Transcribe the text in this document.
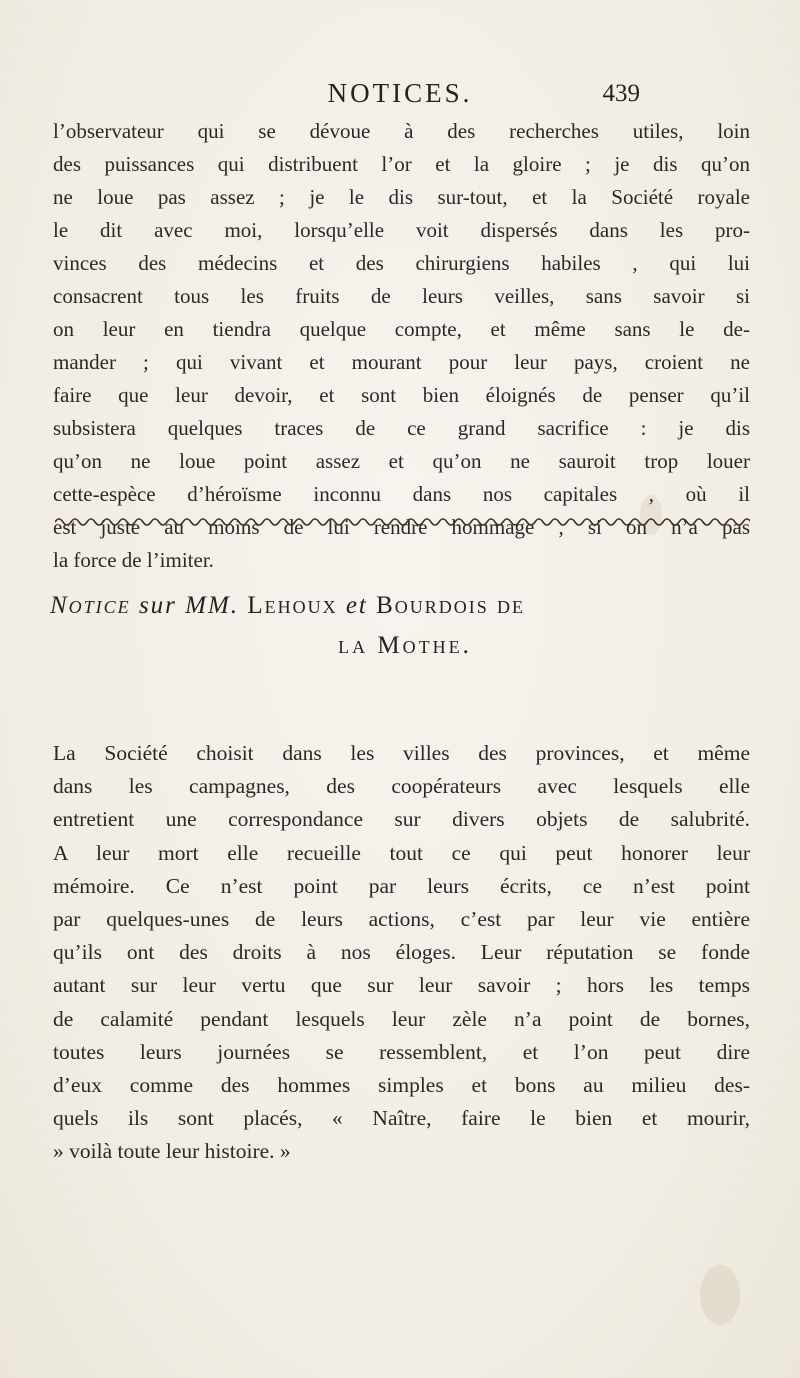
NOTICES.	439
l’observateur qui se dévoue à des recherches utiles, loin
des puissances qui distribuent l’or et la gloire ; je dis qu’on
ne loue pas assez ; je le dis sur-tout, et la Société royale
le dit avec moi, lorsqu’elle voit dispersés dans les pro-
vinces des médecins et des chirurgiens habiles , qui lui
consacrent tous les fruits de leurs veilles, sans savoir si
on leur en tiendra quelque compte, et même sans le de-
mander ; qui vivant et mourant pour leur pays, croient ne
faire que leur devoir, et sont bien éloignés de penser qu’il
subsistera quelques traces de ce grand sacrifice : je dis
qu’on ne loue point assez et qu’on ne sauroit trop louer
cette-espèce d’héroïsme inconnu dans nos capitales , où il
est juste au moins de lui rendre hommage , si on n’a pas
la force de l’imiter.
Notice sur MM. Lehoux et Bourdois de
la Mothe.
La Société choisit dans les villes des provinces, et même
dans les campagnes, des coopérateurs avec lesquels elle
entretient une correspondance sur divers objets de salubrité.
A leur mort elle recueille tout ce qui peut honorer leur
mémoire. Ce n’est point par leurs écrits, ce n’est point
par quelques-unes de leurs actions, c’est par leur vie entière
qu’ils ont des droits à nos éloges. Leur réputation se fonde
autant sur leur vertu que sur leur savoir ; hors les temps
de calamité pendant lesquels leur zèle n’a point de bornes,
toutes leurs journées se ressemblent, et l’on peut dire
d’eux comme des hommes simples et bons au milieu des-
quels ils sont placés, « Naître, faire le bien et mourir,
» voilà toute leur histoire. »
